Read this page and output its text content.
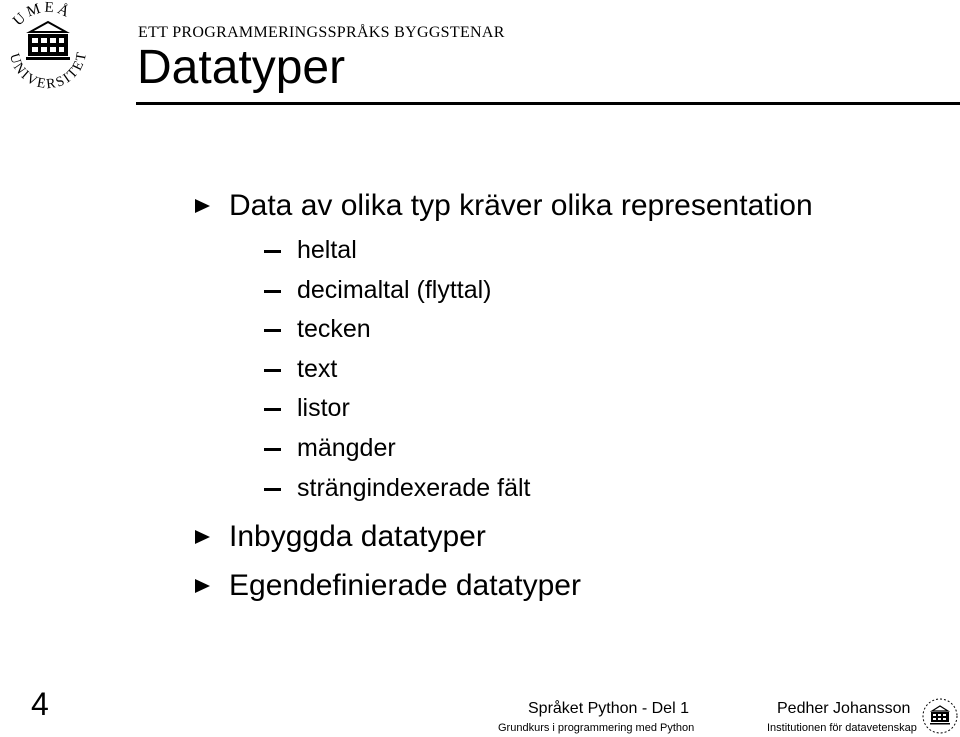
UMEÅ
UNIVERSITET
ETT PROGRAMMERINGSSPRÅKS BYGGSTENAR
Datatyper
Data av olika typ kräver olika representation
heltal
decimaltal (flyttal)
tecken
text
listor
mängder
strängindexerade fält
Inbyggda datatyper
Egendefinierade datatyper
4	Språket Python - Del 1	Pedher Johansson
Grundkurs i programmering med Python	Institutionen för datavetenskap
